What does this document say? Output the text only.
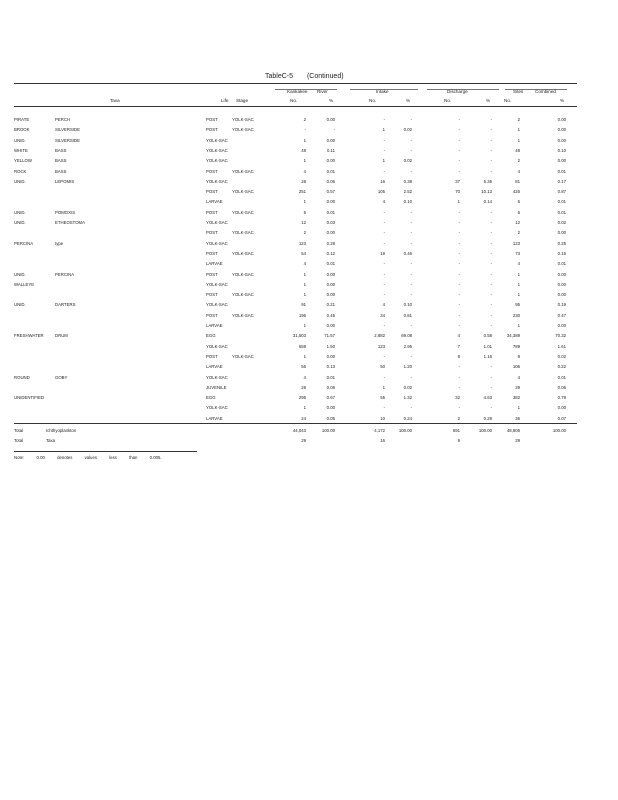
TableC-5 (Continued)
Kankakee River	Intake	Discharge	Sites	Combined
Taxa	Life Stage	No.	%	No.	%	No.	%	No.	%
PIRATE	PERCH	POST	YOLK-SAC	2	0.00	-	-	-	-	2	0.00
BROOK	SILVERSIDE	POST	YOLK-SAC	-	-	1	0.02	-	-	1	0.00
UNID.	SILVERSIDE	YOLK-SAC	1	0.00	-	-	-	-	1	0.00
WHITE	BASS	YOLK-SAC	48	0.11	-	-	-	-	48	0.10
YELLOW	BASS	YOLK-SAC	1	0.00	1	0.02	-	-	2	0.00
ROCK	BASS	POST	YOLK-SAC	4	0.01	-	-	-	-	4	0.01
UNID.	LEPOMIS	YOLK-SAC	28	0.06	16	0.38	37	5.35	81	0.17
POST	YOLK-SAC	251	0.57	105	2.52	70	10.13	426	0.87
LARVAE	1	0.00	4	0.10	1	0.14	6	0.01
UNID.	POMOXIS	POST	YOLK-SAC	5	0.01	-	-	-	-	5	0.01
UNID.	ETHEOSTOMA	YOLK-SAC	12	0.03	-	-	-	-	12	0.02
POST	YOLK-SAC	2	0.00	-	-	-	-	2	0.00
PERCINA	type	YOLK-SAC	123	0.28	-	-	-	-	123	0.25
POST	YOLK-SAC	54	0.12	19	0.46	-	-	73	0.15
LARVAE	4	0.01	-	-	-	-	4	0.01
UNID.	PERCINA	POST	YOLK-SAC	1	0.00	-	-	-	-	1	0.00
WALLEYE	YOLK-SAC	1	0.00	-	-	-	-	1	0.00
POST	YOLK-SAC	1	0.00	-	-	-	-	1	0.00
UNID.	DARTERS	YOLK-SAC	91	0.21	4	0.10	-	-	95	0.19
POST	YOLK-SAC	196	0.45	34	0.81	-	-	230	0.47
LARVAE	1	0.00	-	-	-	-	1	0.00
FRESHWATER	DRUM	EGG	31,503	71.57	2,882	69.08	4	0.58	34,389	70.32
YOLK-SAC	659	1.50	123	2.95	7	1.01	789	1.61
POST	YOLK-SAC	1	0.00	-	-	8	1.16	9	0.02
LARVAE	56	0.13	50	1.20	-	-	106	0.22
ROUND	GOBY	YOLK-SAC	4	0.01	-	-	-	-	4	0.01
JUVENILE	28	0.06	1	0.02	-	-	29	0.06
UNIDENTIFIED	EGG	295	0.67	55	1.32	32	4.63	382	0.78
YOLK-SAC	1	0.00	-	-	-	-	1	0.00
LARVAE	24	0.05	10	0.24	2	0.29	36	0.07
Total	Ichthyoplankton	44,043	100.00	4,172	100.00	691	100.00	48,906	100.00
Total	Taxa	29	16	9	29
Note:	0.00	denotes	values	less	than	0.005.
